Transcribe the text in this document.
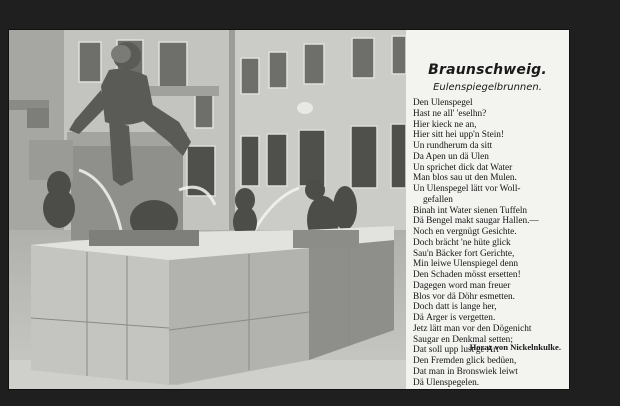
Braunschweig.
Eulenspiegelbrunnen.
Den Ulenspegel
Hast ne all' 'eselhn?
Hier kieck ne an,
Hier sitt hei upp'n Stein!
Un rundherum da sitt
Da Apen un dä Ulen
Un sprichet dick dat Water
Man blos sau ut den Mulen.
Un Ulenspegel lätt vor Woll-
gefallen
Binah int Water sienen Tuffeln
Dä Bengel makt saugar Hallen.—
Noch en vergnügt Gesichte.
Doch brächt 'ne hüte glick
Sau'n Bäcker fort Gerichte,
Min leiwe Ulenspiegel denn
Den Schaden mösst ersetten!
Dagegen word man freuer
Blos vor dä Döhr esmetten.
Doch datt is lange her,
Dä Ärger is vergetten.
Jetz lätt man vor den Dögenicht
Saugar en Denkmal setten;
Dat soll upp lust'ge Art
Den Fremden glick bedüen,
Dat man in Bronswiek leiwt
Dä Ulenspegelen.
Horaz von Nickelnkulke.
